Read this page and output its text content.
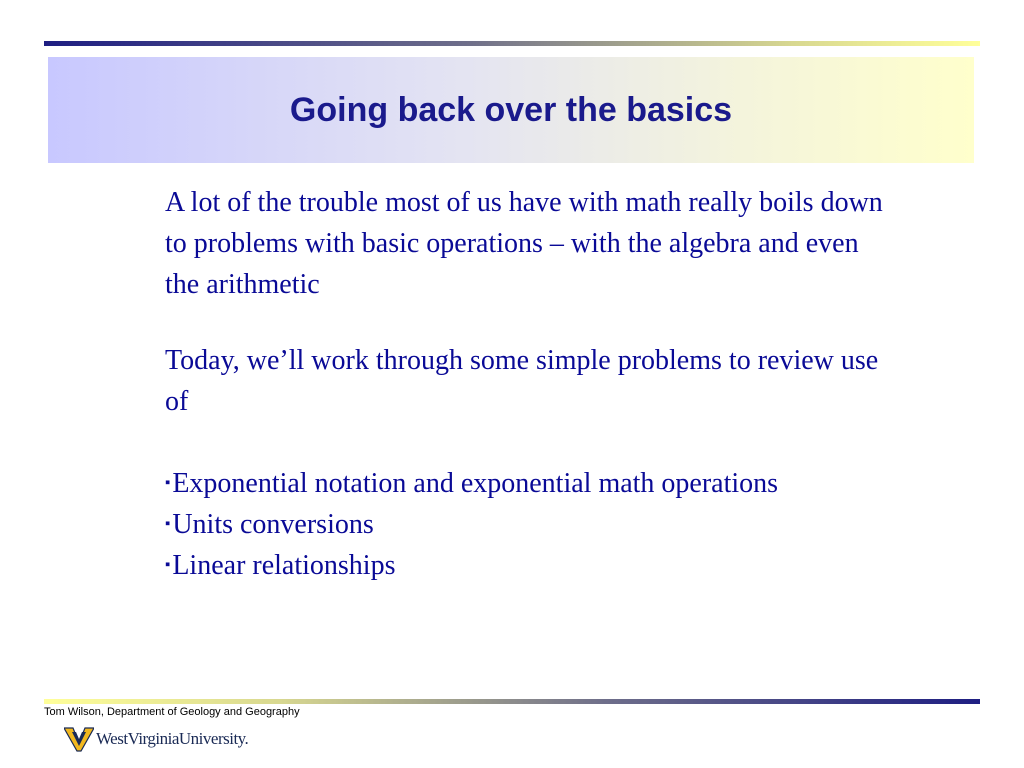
Going back over the basics

A lot of the trouble most of us have with math really boils down to problems with basic operations – with the algebra and even the arithmetic

Today, we’ll work through some simple problems to review use of

▪Exponential notation and exponential math operations
▪Units conversions
▪Linear relationships
Tom Wilson, Department of Geology and Geography
WestVirginiaUniversity.
